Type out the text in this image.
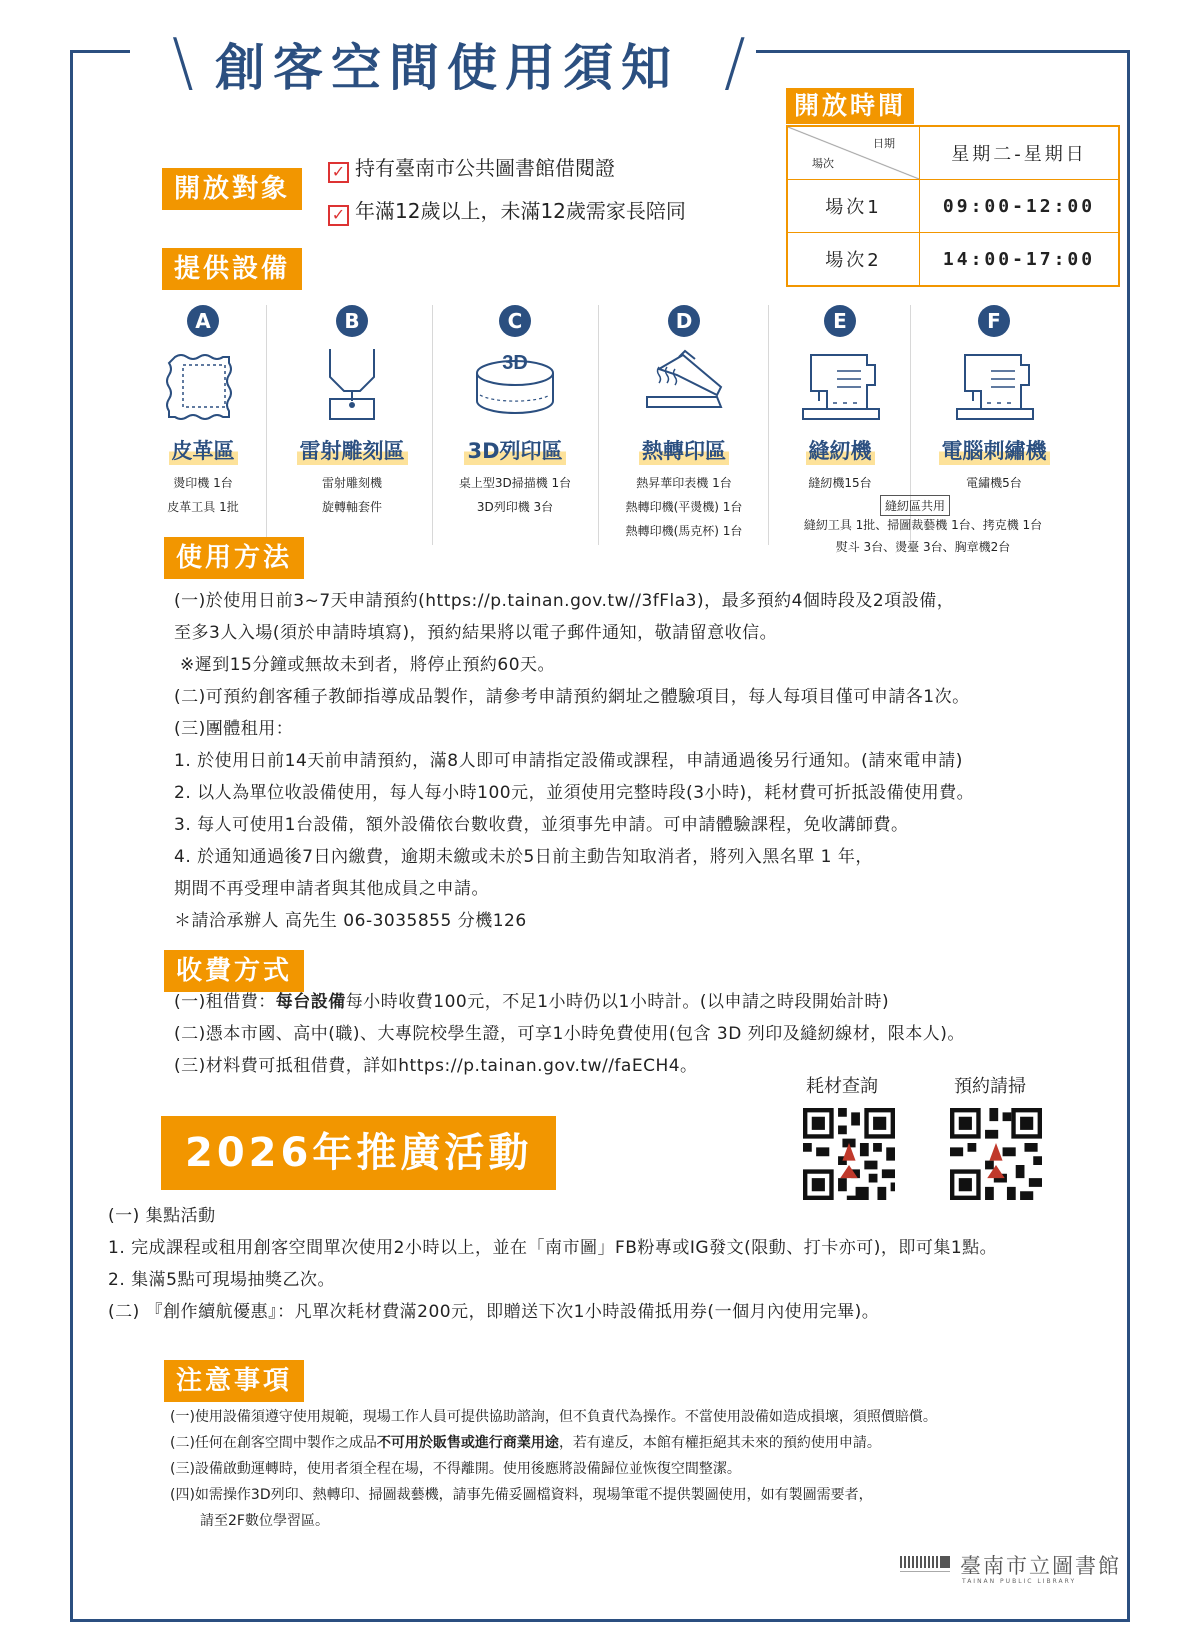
\ 創客空間使用須知 /
開放對象
✓ 持有臺南市公共圖書館借閱證
✓ 年滿12歲以上，未滿12歲需家長陪同
開放時間
場次
日期	星期二-星期日
場次1	09:00-12:00
場次2	14:00-17:00
提供設備
A
皮革區
燙印機 1台
皮革工具 1批
B
雷射雕刻區
雷射雕刻機
旋轉軸套件
C
3D
3D列印區
桌上型3D掃描機 1台
3D列印機 3台
D
熱轉印區
熱昇華印表機 1台
熱轉印機(平燙機) 1台
熱轉印機(馬克杯) 1台
E
縫紉機
縫紉機15台
F
電腦刺繡機
電繡機5台
縫紉區共用
縫紉工具 1批、掃圖裁藝機 1台、拷克機 1台
熨斗 3台、燙臺 3台、胸章機2台
使用方法
(一)於使用日前3~7天申請預約(https://p.tainan.gov.tw//3fFla3)，最多預約4個時段及2項設備，
至多3人入場(須於申請時填寫)，預約結果將以電子郵件通知，敬請留意收信。
※遲到15分鐘或無故未到者，將停止預約60天。
(二)可預約創客種子教師指導成品製作，請參考申請預約網址之體驗項目，每人每項目僅可申請各1次。
(三)團體租用：
1. 於使用日前14天前申請預約，滿8人即可申請指定設備或課程，申請通過後另行通知。(請來電申請)
2. 以人為單位收設備使用，每人每小時100元，並須使用完整時段(3小時)，耗材費可折抵設備使用費。
3. 每人可使用1台設備，額外設備依台數收費，並須事先申請。可申請體驗課程，免收講師費。
4. 於通知通過後7日內繳費，逾期未繳或未於5日前主動告知取消者，將列入黑名單 1 年，
期間不再受理申請者與其他成員之申請。
＊請洽承辦人 高先生 06-3035855 分機126
收費方式
(一)租借費：每台設備每小時收費100元，不足1小時仍以1小時計。(以申請之時段開始計時)
(二)憑本市國、高中(職)、大專院校學生證，可享1小時免費使用(包含 3D 列印及縫紉線材，限本人)。
(三)材料費可抵租借費，詳如https://p.tainan.gov.tw//faECH4。
耗材查詢	預約請掃
2026年推廣活動
(一) 集點活動
1. 完成課程或租用創客空間單次使用2小時以上，並在「南市圖」FB粉專或IG發文(限動、打卡亦可)，即可集1點。
2. 集滿5點可現場抽獎乙次。
(二) 『創作續航優惠』：凡單次耗材費滿200元，即贈送下次1小時設備抵用券(一個月內使用完畢)。
注意事項
(一)使用設備須遵守使用規範，現場工作人員可提供協助諮詢，但不負責代為操作。不當使用設備如造成損壞，須照價賠償。
(二)任何在創客空間中製作之成品不可用於販售或進行商業用途，若有違反，本館有權拒絕其未來的預約使用申請。
(三)設備啟動運轉時，使用者須全程在場，不得離開。使用後應將設備歸位並恢復空間整潔。
(四)如需操作3D列印、熱轉印、掃圖裁藝機，請事先備妥圖檔資料，現場筆電不提供製圖使用，如有製圖需要者，
請至2F數位學習區。
臺南市立圖書館
TAINAN PUBLIC LIBRARY
